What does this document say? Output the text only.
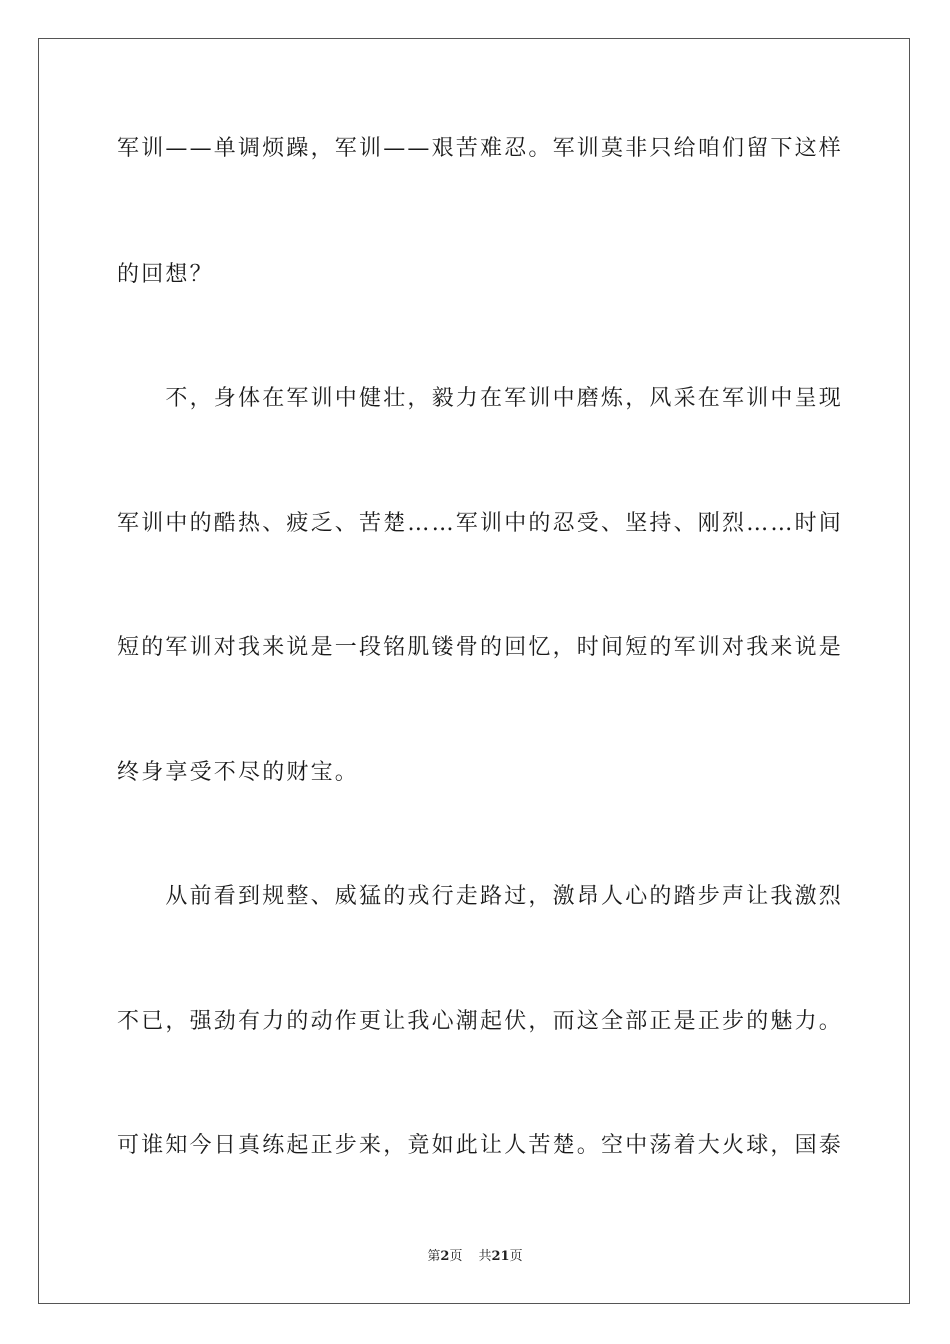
军训——单调烦躁，军训——艰苦难忍。军训莫非只给咱们留下这样
的回想？
　　不，身体在军训中健壮，毅力在军训中磨炼，风采在军训中呈现
军训中的酷热、疲乏、苦楚……军训中的忍受、坚持、刚烈……时间
短的军训对我来说是一段铭肌镂骨的回忆，时间短的军训对我来说是
终身享受不尽的财宝。
　　从前看到规整、威猛的戎行走路过，激昂人心的踏步声让我激烈
不已，强劲有力的动作更让我心潮起伏，而这全部正是正步的魅力。
可谁知今日真练起正步来，竟如此让人苦楚。空中荡着大火球，国泰
第2页 共21页
